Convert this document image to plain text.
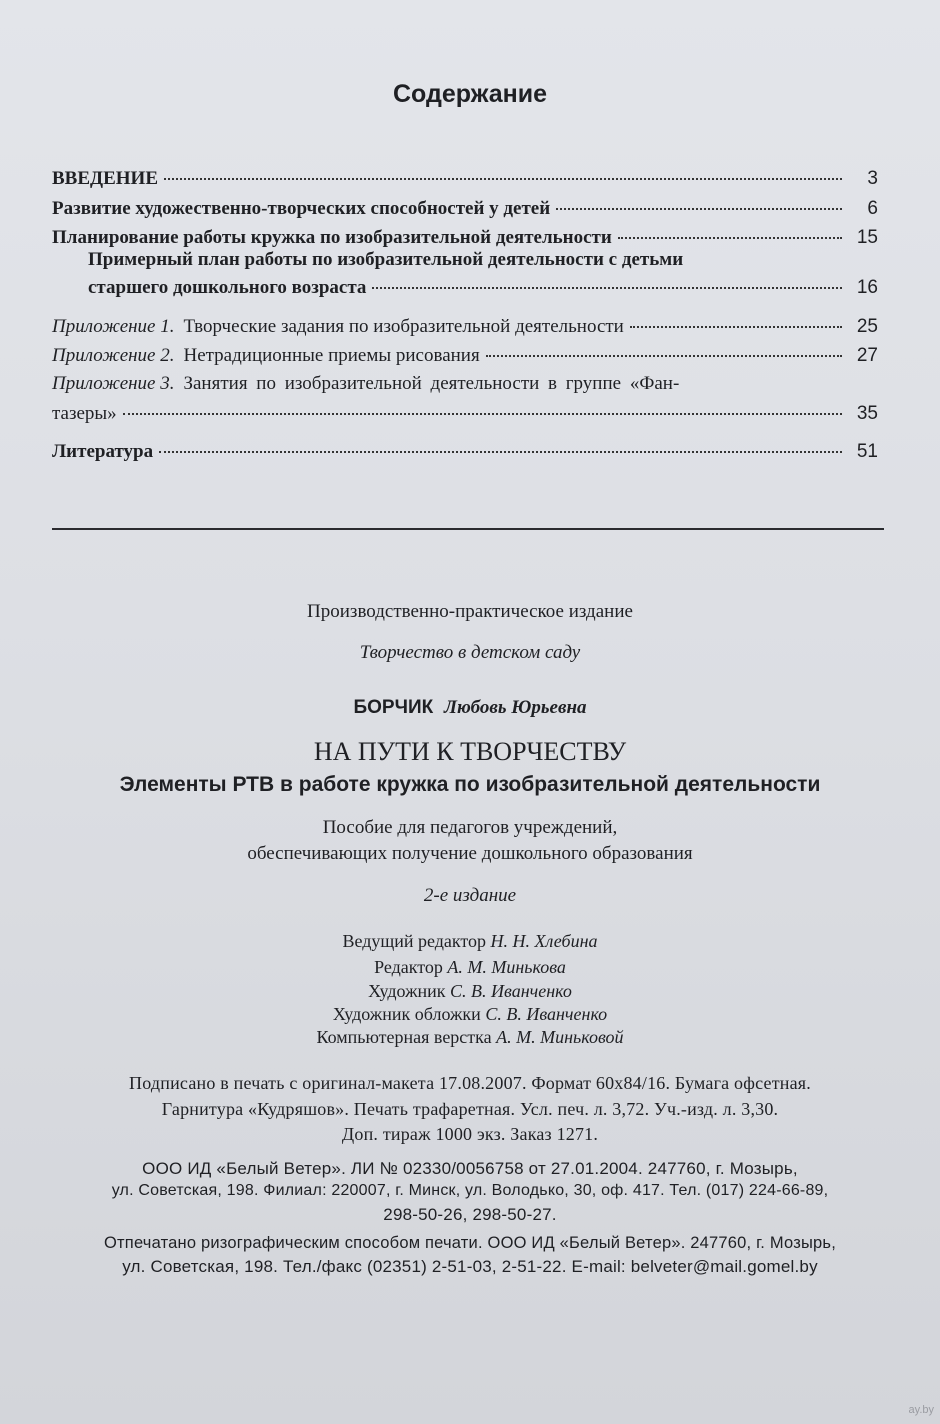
Содержание
ВВЕДЕНИЕ	3
Развитие художественно-творческих способностей у детей	6
Планирование работы кружка по изобразительной деятельности	15
Примерный план работы по изобразительной деятельности с детьми
старшего дошкольного возраста	16
Приложение 1. Творческие задания по изобразительной деятельности	25
Приложение 2. Нетрадиционные приемы рисования	27
Приложение 3. Занятия по изобразительной деятельности в группе «Фан-
тазеры»	35
Литература	51
Производственно-практическое издание
Творчество в детском саду
БОРЧИК Любовь Юрьевна
НА ПУТИ К ТВОРЧЕСТВУ
Элементы РТВ в работе кружка по изобразительной деятельности
Пособие для педагогов учреждений,
обеспечивающих получение дошкольного образования
2-е издание
Ведущий редактор Н. Н. Хлебина
Редактор А. М. Минькова
Художник С. В. Иванченко
Художник обложки С. В. Иванченко
Компьютерная верстка А. М. Миньковой
Подписано в печать с оригинал-макета 17.08.2007. Формат 60x84/16. Бумага офсетная.
Гарнитура «Кудряшов». Печать трафаретная. Усл. печ. л. 3,72. Уч.-изд. л. 3,30.
Доп. тираж 1000 экз. Заказ 1271.
ООО ИД «Белый Ветер». ЛИ № 02330/0056758 от 27.01.2004. 247760, г. Мозырь,
ул. Советская, 198. Филиал: 220007, г. Минск, ул. Володько, 30, оф. 417. Тел. (017) 224-66-89,
298-50-26, 298-50-27.
Отпечатано ризографическим способом печати. ООО ИД «Белый Ветер». 247760, г. Мозырь,
ул. Советская, 198. Тел./факс (02351) 2-51-03, 2-51-22. E-mail: belveter@mail.gomel.by
ay.by
